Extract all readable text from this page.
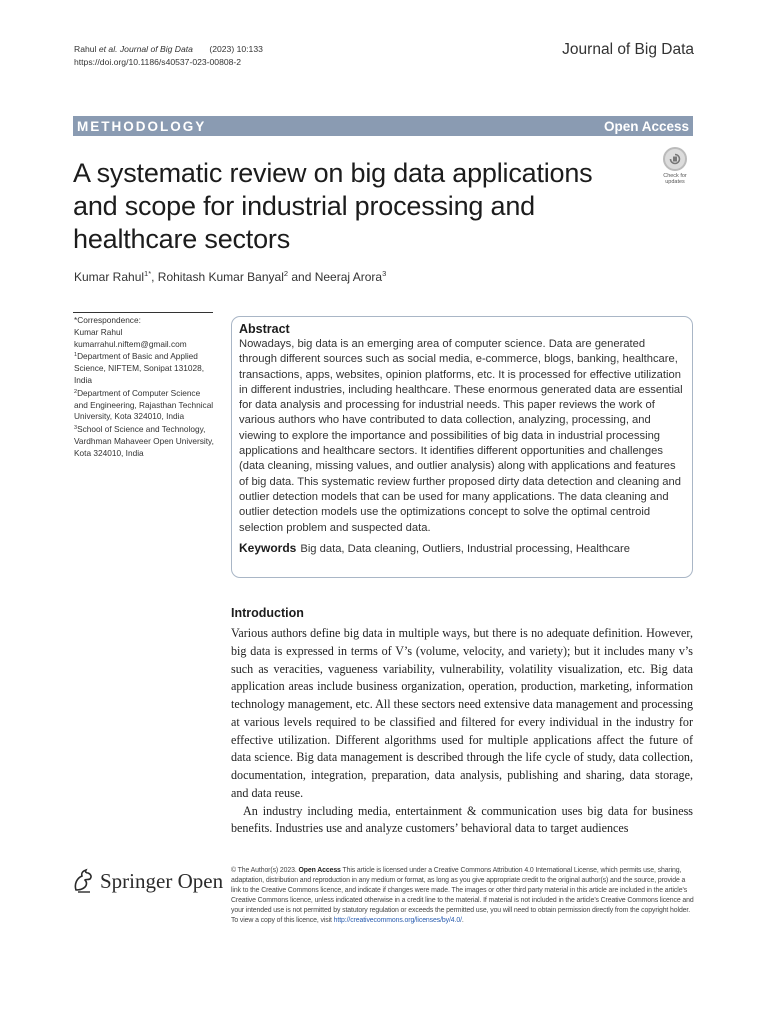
Rahul et al. Journal of Big Data (2023) 10:133
https://doi.org/10.1186/s40537-023-00808-2
Journal of Big Data
METHODOLOGY	Open Access
A systematic review on big data applications and scope for industrial processing and healthcare sectors
Check for
updates
Kumar Rahul$^{1*}$, Rohitash Kumar Banyal$^2$ and Neeraj Arora$^3$
*Correspondence:
Kumar Rahul
kumarrahul.niftem@gmail.com
$^1$Department of Basic and Applied Science, NIFTEM, Sonipat 131028, India
$^2$Department of Computer Science and Engineering, Rajasthan Technical University, Kota 324010, India
$^3$School of Science and Technology, Vardhman Mahaveer Open University, Kota 324010, India
Abstract
Nowadays, big data is an emerging area of computer science. Data are generated through different sources such as social media, e-commerce, blogs, banking, healthcare, transactions, apps, websites, opinion platforms, etc. It is processed for effective utilization in different industries, including healthcare. These enormous generated data are essential for data analysis and processing for industrial needs. This paper reviews the work of various authors who have contributed to data collection, analyzing, processing, and viewing to explore the importance and possibilities of big data in industrial processing applications and healthcare sectors. It identifies different opportunities and challenges (data cleaning, missing values, and outlier analysis) along with applications and features of big data. This systematic review further proposed dirty data detection and cleaning and outlier detection models that can be used for many applications. The data cleaning and outlier detection models use the optimizations concept to solve the optimal centroid selection problem and suspected data.
Keywords Big data, Data cleaning, Outliers, Industrial processing, Healthcare
Introduction

Various authors define big data in multiple ways, but there is no adequate definition. However, big data is expressed in terms of V’s (volume, velocity, and variety); but it includes many v’s such as veracities, vagueness variability, vulnerability, volatility visualization, etc. Big data application areas include business organization, operation, production, marketing, information technology management, etc. All these sectors need extensive data management and processing at various levels required to be classified and filtered for every individual in the industry for effective utilization. Different algorithms used for multiple applications affect the future of data science. Big data management is described through the life cycle of study, data collection, documentation, integration, preparation, data analysis, publishing and sharing, data storage, and data reuse.

An industry including media, entertainment & communication uses big data for business benefits. Industries use and analyze customers’ behavioral data to target audiences

Springer Open © The Author(s) 2023. Open Access This article is licensed under a Creative Commons Attribution 4.0 International License, which permits use, sharing, adaptation, distribution and reproduction in any medium or format, as long as you give appropriate credit to the original author(s) and the source, provide a link to the Creative Commons licence, and indicate if changes were made. The images or other third party material in this article are included in the article’s Creative Commons licence, unless indicated otherwise in a credit line to the material. If material is not included in the article’s Creative Commons licence and your intended use is not permitted by statutory regulation or exceeds the permitted use, you will need to obtain permission directly from the copyright holder. To view a copy of this licence, visit http://creativecommons.org/licenses/by/4.0/.
